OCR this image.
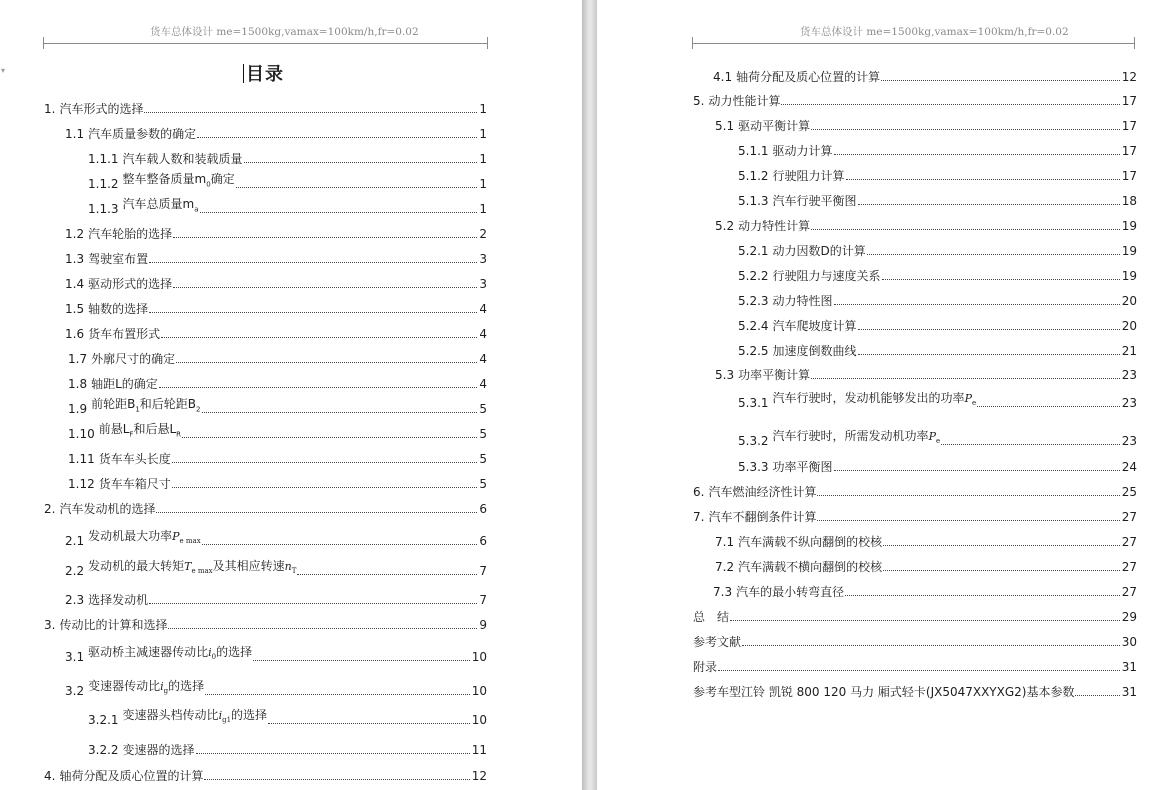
货车总体设计 me=1500kg,vamax=100km/h,fr=0.02
▾	目录
1. 汽车形式的选择	1
1.1 汽车质量参数的确定	1
1.1.1 汽车载人数和装载质量	1
1.1.2 整车整备质量$m_0$确定	1
1.1.3 汽车总质量$m_a$	1
1.2 汽车轮胎的选择	2
1.3 驾驶室布置	3
1.4 驱动形式的选择	3
1.5 轴数的选择	4
1.6 货车布置形式	4
1.7 外廓尺寸的确定	4
1.8 轴距L的确定	4
1.9 前轮距$B_1$和后轮距$B_2$	5
1.10 前悬$L_F$和后悬$L_R$	5
1.11 货车车头长度	5
1.12 货车车箱尺寸	5
2. 汽车发动机的选择	6
2.1 发动机最大功率$P_{e max}$	6
2.2 发动机的最大转矩$T_{e max}$及其相应转速$n_T$	7
2.3 选择发动机	7
3. 传动比的计算和选择	9
3.1 驱动桥主减速器传动比$i_0$的选择	10
3.2 变速器传动比$i_g$的选择	10
3.2.1 变速器头档传动比$i_{g1}$的选择	10
3.2.2 变速器的选择	11
4. 轴荷分配及质心位置的计算	12
货车总体设计 me=1500kg,vamax=100km/h,fr=0.02
4.1 轴荷分配及质心位置的计算	12
5. 动力性能计算	17
5.1 驱动平衡计算	17
5.1.1 驱动力计算	17
5.1.2 行驶阻力计算	17
5.1.3 汽车行驶平衡图	18
5.2 动力特性计算	19
5.2.1 动力因数D的计算	19
5.2.2 行驶阻力与速度关系	19
5.2.3 动力特性图	20
5.2.4 汽车爬坡度计算	20
5.2.5 加速度倒数曲线	21
5.3 功率平衡计算	23
5.3.1 汽车行驶时，发动机能够发出的功率$P_e$	23
5.3.2 汽车行驶时，所需发动机功率$P_e$	23
5.3.3 功率平衡图	24
6. 汽车燃油经济性计算	25
7. 汽车不翻倒条件计算	27
7.1 汽车满载不纵向翻倒的校核	27
7.2 汽车满载不横向翻倒的校核	27
7.3 汽车的最小转弯直径	27
总　结	29
参考文献	30
附录	31
参考车型江铃 凯锐 800 120 马力 厢式轻卡(JX5047XXYXG2)基本参数	31
